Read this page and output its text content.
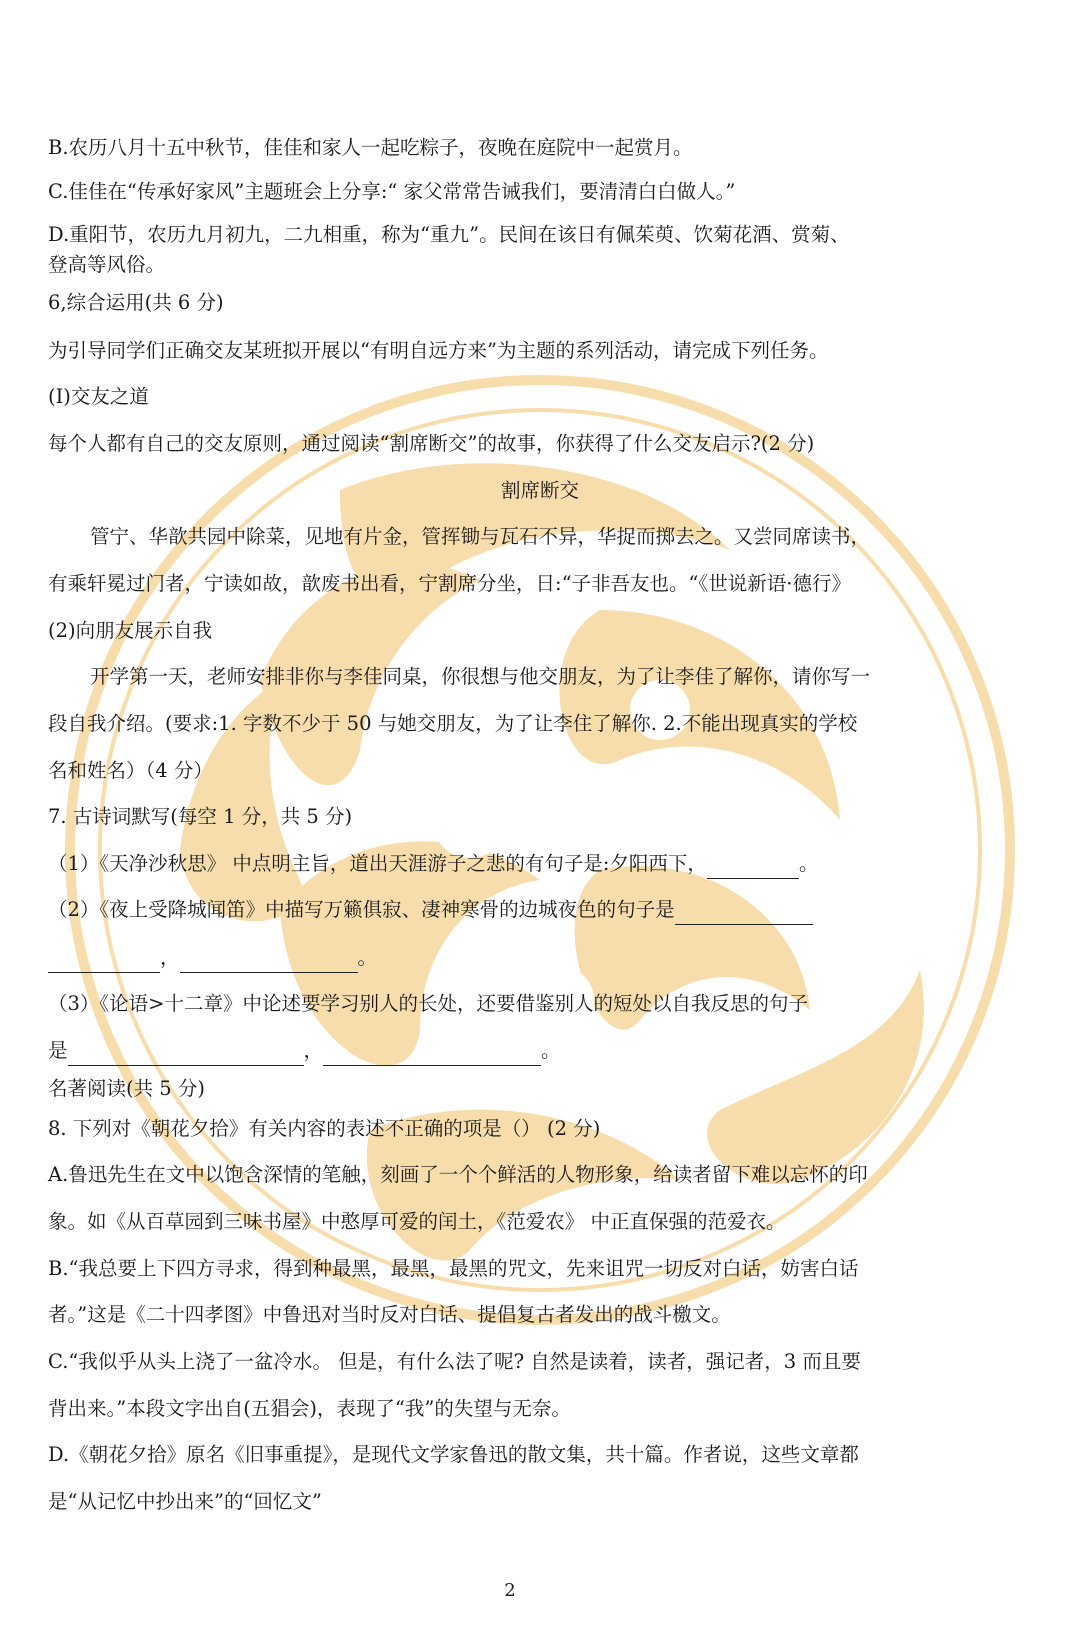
B.农历八月十五中秋节，佳佳和家人一起吃粽子，夜晚在庭院中一起赏月。
C.佳佳在“传承好家风”主题班会上分享:“ 家父常常告诫我们，要清清白白做人。”
D.重阳节，农历九月初九，二九相重，称为“重九”。民间在该日有佩茱萸、饮菊花酒、赏菊、
登高等风俗。
6,综合运用(共 6 分)
为引导同学们正确交友某班拟开展以“有明自远方来”为主题的系列活动，请完成下列任务。
(I)交友之道
每个人都有自己的交友原则，通过阅读“割席断交”的故事，你获得了什么交友启示?(2 分)
割席断交
管宁、华歆共园中除菜，见地有片金，管挥锄与瓦石不异，华捉而掷去之。又尝同席读书，
有乘轩冕过门者，宁读如故，歆废书出看，宁割席分坐，日:“子非吾友也。“《世说新语·德行》
(2)向朋友展示自我
开学第一天，老师安排非你与李佳同桌，你很想与他交朋友，为了让李佳了解你，请你写一
段自我介绍。(要求:1. 字数不少于 50 与她交朋友，为了让李住了解你. 2.不能出现真实的学校
名和姓名）（4 分）
7. 古诗词默写(每空 1 分，共 5 分)
（1）《天净沙秋思》 中点明主旨，道出天涯游子之悲的有句子是:夕阳西下，	。
（2）《夜上受降城闻笛》中描写万籁俱寂、凄神寒骨的边城夜色的句子是
，	。
（3）《论语>十二章》中论述要学习别人的长处，还要借鉴别人的短处以自我反思的句子
是	，	。
名著阅读(共 5 分)
8. 下列对《朝花夕拾》有关内容的表述不正确的项是（） (2 分)
A.鲁迅先生在文中以饱含深情的笔触，刻画了一个个鲜活的人物形象，给读者留下难以忘怀的印
象。如《从百草园到三味书屋》中憨厚可爱的闰土，《范爱农》 中正直保强的范爱衣。
B.“我总要上下四方寻求，得到种最黑，最黑，最黑的咒文，先来诅咒一切反对白话，妨害白话
者。”这是《二十四孝图》中鲁迅对当时反对白话、提倡复古者发出的战斗檄文。
C.“我似乎从头上浇了一盆冷水。 但是，有什么法了呢? 自然是读着，读者，强记者，3 而且要
背出来。”本段文字出自(五猖会)，表现了“我”的失望与无奈。
D.《朝花夕拾》原名《旧事重提》，是现代文学家鲁迅的散文集，共十篇。作者说，这些文章都
是“从记忆中抄出来”的“回忆文”
2
